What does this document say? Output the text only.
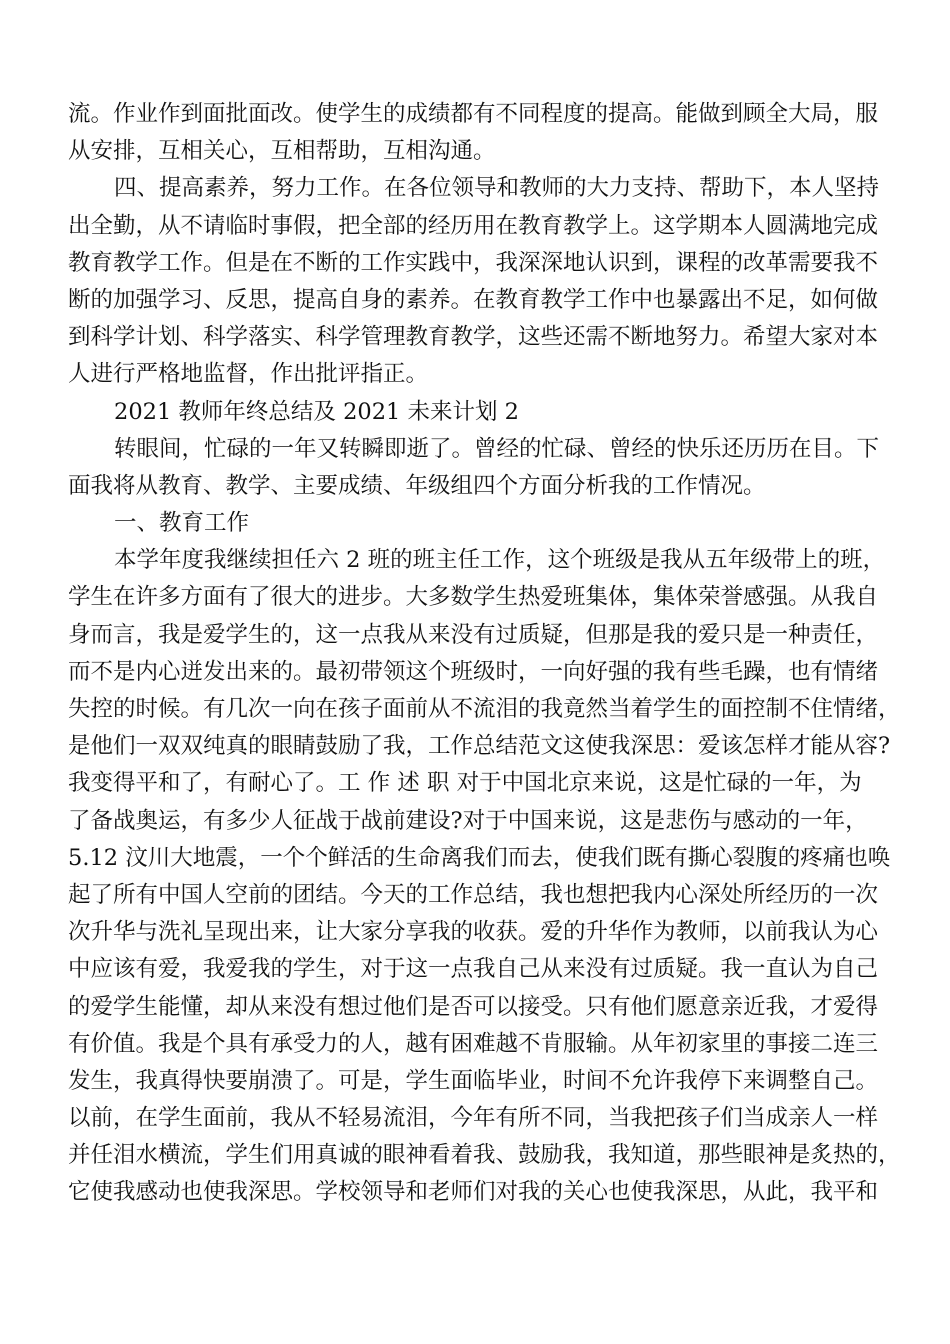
流。作业作到面批面改。使学生的成绩都有不同程度的提高。能做到顾全大局，服
从安排，互相关心，互相帮助，互相沟通。
四、提高素养，努力工作。在各位领导和教师的大力支持、帮助下，本人坚持
出全勤，从不请临时事假，把全部的经历用在教育教学上。这学期本人圆满地完成
教育教学工作。但是在不断的工作实践中，我深深地认识到，课程的改革需要我不
断的加强学习、反思，提高自身的素养。在教育教学工作中也暴露出不足，如何做
到科学计划、科学落实、科学管理教育教学，这些还需不断地努力。希望大家对本
人进行严格地监督，作出批评指正。
2021 教师年终总结及 2021 未来计划 2
转眼间，忙碌的一年又转瞬即逝了。曾经的忙碌、曾经的快乐还历历在目。下
面我将从教育、教学、主要成绩、年级组四个方面分析我的工作情况。
一、教育工作
本学年度我继续担任六 2 班的班主任工作，这个班级是我从五年级带上的班，
学生在许多方面有了很大的进步。大多数学生热爱班集体，集体荣誉感强。从我自
身而言，我是爱学生的，这一点我从来没有过质疑，但那是我的爱只是一种责任，
而不是内心迸发出来的。最初带领这个班级时，一向好强的我有些毛躁，也有情绪
失控的时候。有几次一向在孩子面前从不流泪的我竟然当着学生的面控制不住情绪，
是他们一双双纯真的眼睛鼓励了我，工作总结范文这使我深思：爱该怎样才能从容?
我变得平和了，有耐心了。工 作 述 职 对于中国北京来说，这是忙碌的一年，为
了备战奥运，有多少人征战于战前建设?对于中国来说，这是悲伤与感动的一年，
5.12 汶川大地震，一个个鲜活的生命离我们而去，使我们既有撕心裂腹的疼痛也唤
起了所有中国人空前的团结。今天的工作总结，我也想把我内心深处所经历的一次
次升华与洗礼呈现出来，让大家分享我的收获。爱的升华作为教师，以前我认为心
中应该有爱，我爱我的学生，对于这一点我自己从来没有过质疑。我一直认为自己
的爱学生能懂，却从来没有想过他们是否可以接受。只有他们愿意亲近我，才爱得
有价值。我是个具有承受力的人，越有困难越不肯服输。从年初家里的事接二连三
发生，我真得快要崩溃了。可是，学生面临毕业，时间不允许我停下来调整自己。
以前，在学生面前，我从不轻易流泪，今年有所不同，当我把孩子们当成亲人一样
并任泪水横流，学生们用真诚的眼神看着我、鼓励我，我知道，那些眼神是炙热的，
它使我感动也使我深思。学校领导和老师们对我的关心也使我深思，从此，我平和
